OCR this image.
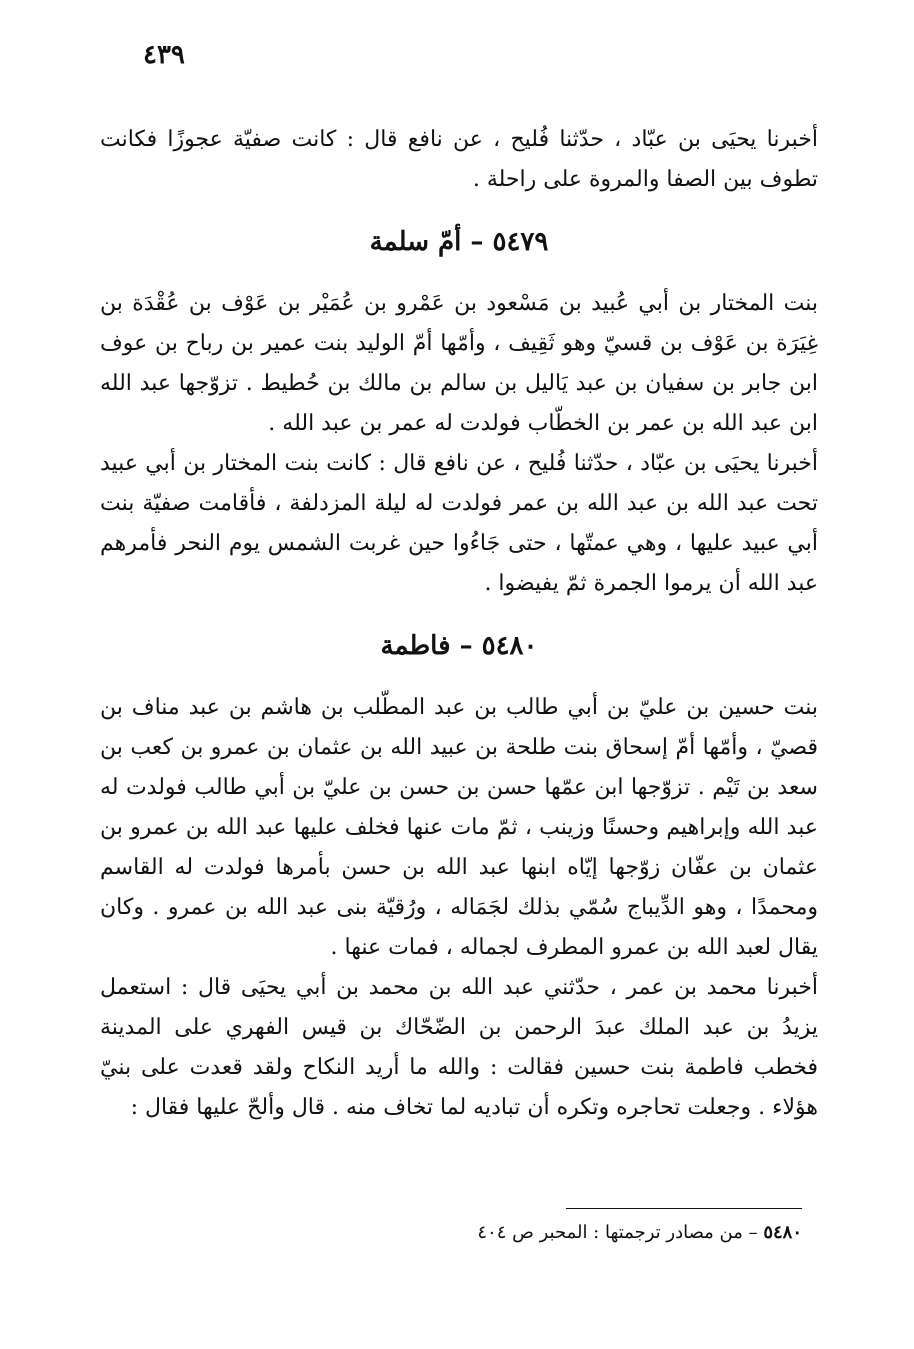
٤٣٩

أخبرنا يحيَى بن عبّاد ، حدّثنا فُليح ، عن نافع قال : كانت صفيّة عجوزًا فكانت تطوف بين الصفا والمروة على راحلة .

٥٤٧٩ – أمّ سلمة

بنت المختار بن أبي عُبيد بن مَسْعود بن عَمْرو بن عُمَيْر بن عَوْف بن عُقْدَة بن غِيَرَة بن عَوْف بن قسيّ وهو ثَقِيف ، وأمّها أمّ الوليد بنت عمير بن رباح بن عوف ابن جابر بن سفيان بن عبد يَاليل بن سالم بن مالك بن حُطيط . تزوّجها عبد الله ابن عبد الله بن عمر بن الخطّاب فولدت له عمر بن عبد الله .

أخبرنا يحيَى بن عبّاد ، حدّثنا فُليح ، عن نافع قال : كانت بنت المختار بن أبي عبيد تحت عبد الله بن عبد الله بن عمر فولدت له ليلة المزدلفة ، فأقامت صفيّة بنت أبي عبيد عليها ، وهي عمتّها ، حتى جَاءُوا حين غربت الشمس يوم النحر فأمرهم عبد الله أن يرموا الجمرة ثمّ يفيضوا .

٥٤٨٠ – فاطمة

بنت حسين بن عليّ بن أبي طالب بن عبد المطّلب بن هاشم بن عبد مناف بن قصيّ ، وأمّها أمّ إسحاق بنت طلحة بن عبيد الله بن عثمان بن عمرو بن كعب بن سعد بن تَيْم . تزوّجها ابن عمّها حسن بن حسن بن عليّ بن أبي طالب فولدت له عبد الله وإبراهيم وحسنًا وزينب ، ثمّ مات عنها فخلف عليها عبد الله بن عمرو بن عثمان بن عفّان زوّجها إيّاه ابنها عبد الله بن حسن بأمرها فولدت له القاسم ومحمدًا ، وهو الدِّيباج سُمّي بذلك لجَمَاله ، ورُقيّة بنى عبد الله بن عمرو . وكان يقال لعبد الله بن عمرو المطرف لجماله ، فمات عنها .

أخبرنا محمد بن عمر ، حدّثني عبد الله بن محمد بن أبي يحيَى قال : استعمل يزيدُ بن عبد الملك عبدَ الرحمن بن الضّحّاك بن قيس الفهري على المدينة فخطب فاطمة بنت حسين فقالت : والله ما أريد النكاح ولقد قعدت على بنيّ هؤلاء . وجعلت تحاجره وتكره أن تباديه لما تخاف منه . قال وألحّ عليها فقال :

٥٤٨٠ – من مصادر ترجمتها : المحبر ص ٤٠٤
